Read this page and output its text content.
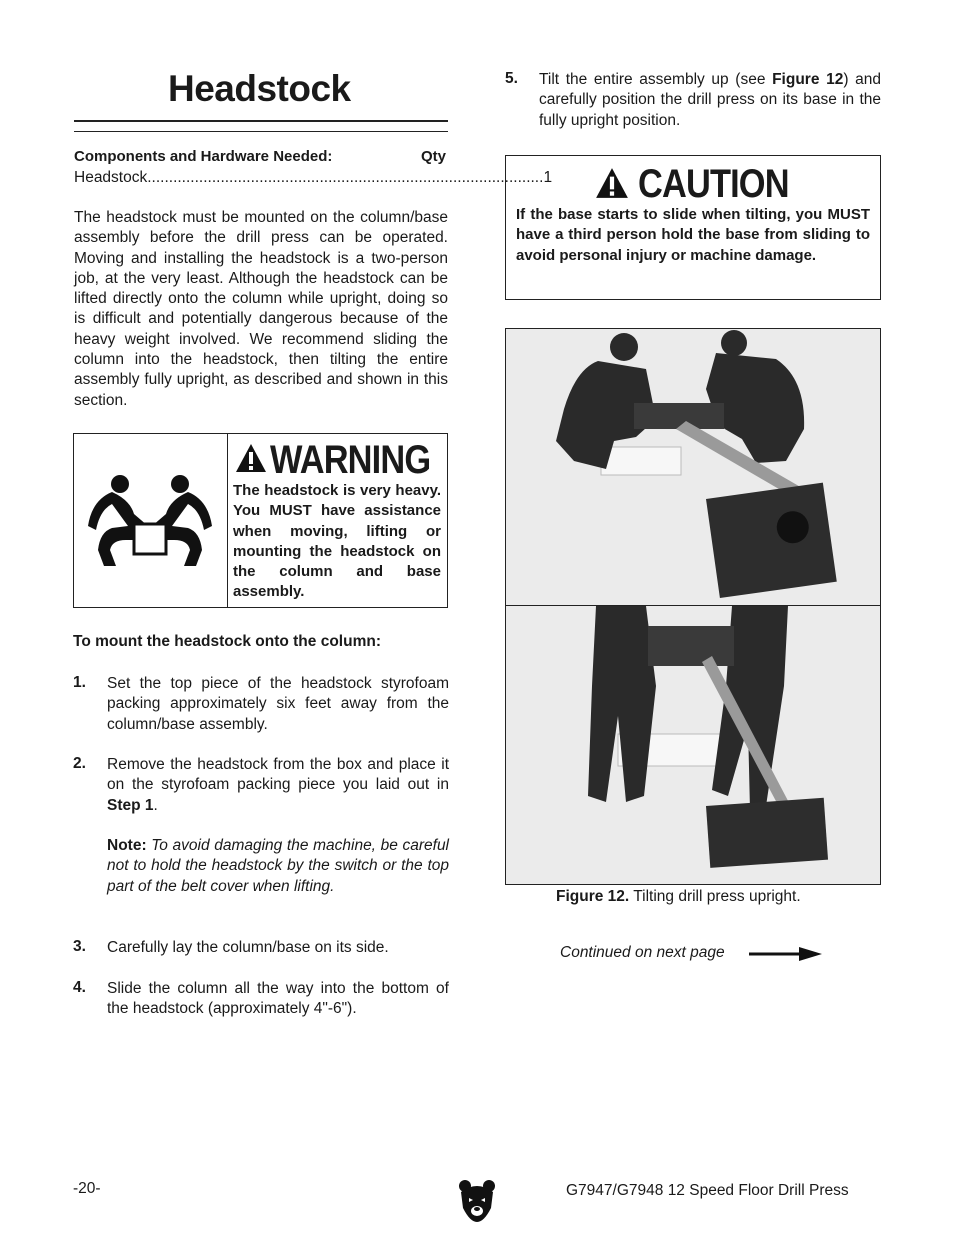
Headstock
Components and Hardware Needed:	Qty
Headstock ............................................................................................ 1
The headstock must be mounted on the column/base assembly before the drill press can be operated. Moving and installing the headstock is a two-person job, at the very least. Although the headstock can be lifted directly onto the column while upright, doing so is difficult and potentially dangerous because of the heavy weight involved. We recommend sliding the column into the headstock, then tilting the entire assembly fully upright, as described and shown in this section.
WARNING
The headstock is very heavy. You MUST have assistance when moving, lifting or mounting the headstock on the column and base assembly.
To mount the headstock onto the column:
1. Set the top piece of the headstock styrofoam packing approximately six feet away from the column/base assembly.
2. Remove the headstock from the box and place it on the styrofoam packing piece you laid out in Step 1.
Note: To avoid damaging the machine, be careful not to hold the headstock by the switch or the top part of the belt cover when lifting.
3. Carefully lay the column/base on its side.
4. Slide the column all the way into the bottom of the headstock (approximately 4"-6").
5. Tilt the entire assembly up (see Figure 12) and carefully position the drill press on its base in the fully upright position.
CAUTION
If the base starts to slide when tilting, you MUST have a third person hold the base from sliding to avoid personal injury or machine damage.
Figure 12. Tilting drill press upright.
Continued on next page
-20-	G7947/G7948 12 Speed Floor Drill Press
